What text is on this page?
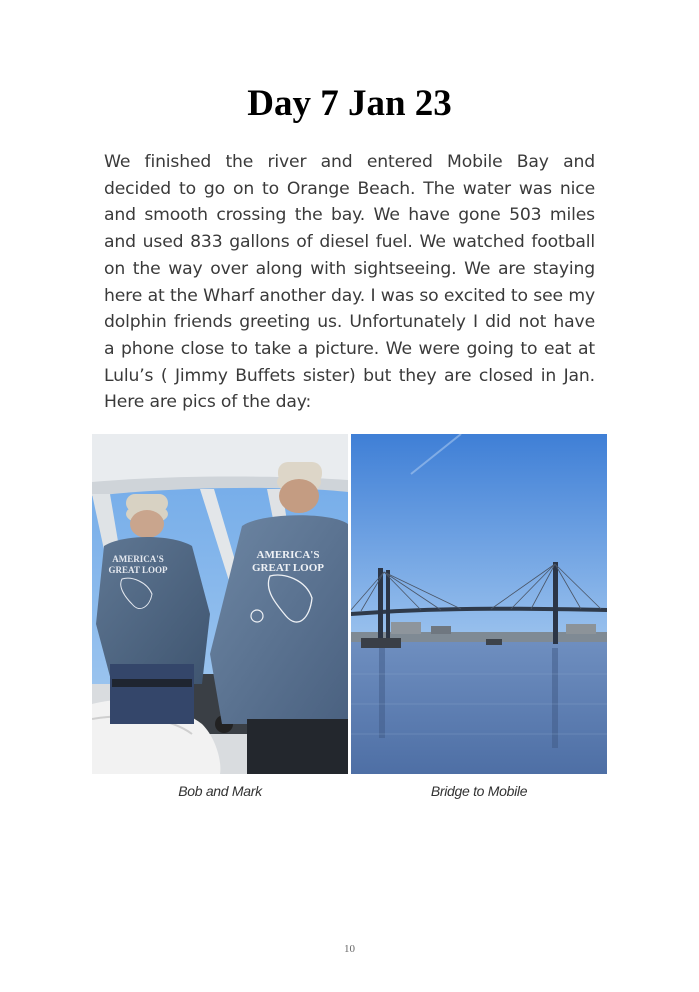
Day 7 Jan 23

We finished the river and entered Mobile Bay and decided to go on to Orange Beach. The water was nice and smooth crossing the bay. We have gone 503 miles and used 833 gallons of diesel fuel. We watched football on the way over along with sightseeing. We are staying here at the Wharf another day. I was so excited to see my dolphin friends greeting us. Unfortunately I did not have a phone close to take a picture. We were going to eat at Lulu’s ( Jimmy Buffets sister) but they are closed in Jan. Here are pics of the day:

AMERICA'S
GREAT LOOP
AMERICA'S
GREAT LOOP
Bob and Mark	Bridge to Mobile
10
